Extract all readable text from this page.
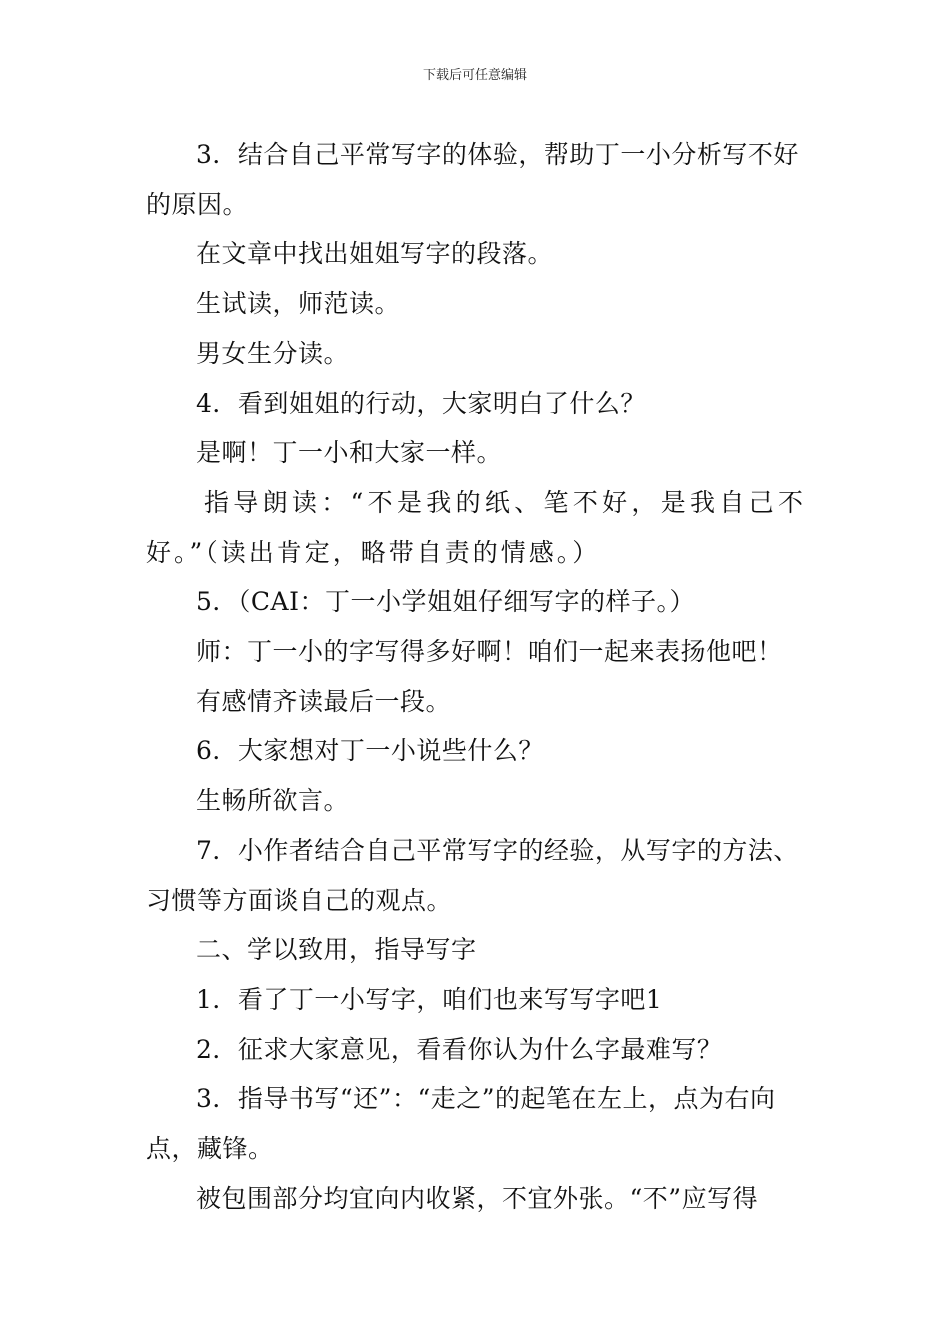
下载后可任意编辑

3．结合自己平常写字的体验，帮助丁一小分析写不好的原因。

在文章中找出姐姐写字的段落。

生试读，师范读。

男女生分读。

4．看到姐姐的行动，大家明白了什么？

是啊！丁一小和大家一样。

指导朗读：“不是我的纸、笔不好，是我自己不好。”（读出肯定，略带自责的情感。）

5．（CAI：丁一小学姐姐仔细写字的样子。）

师：丁一小的字写得多好啊！咱们一起来表扬他吧！

有感情齐读最后一段。

6．大家想对丁一小说些什么？

生畅所欲言。

7．小作者结合自己平常写字的经验，从写字的方法、习惯等方面谈自己的观点。

二、学以致用，指导写字

1．看了丁一小写字，咱们也来写写字吧1

2．征求大家意见，看看你认为什么字最难写？

3．指导书写“还”：“走之”的起笔在左上，点为右向点，藏锋。

被包围部分均宜向内收紧，不宜外张。“不”应写得
